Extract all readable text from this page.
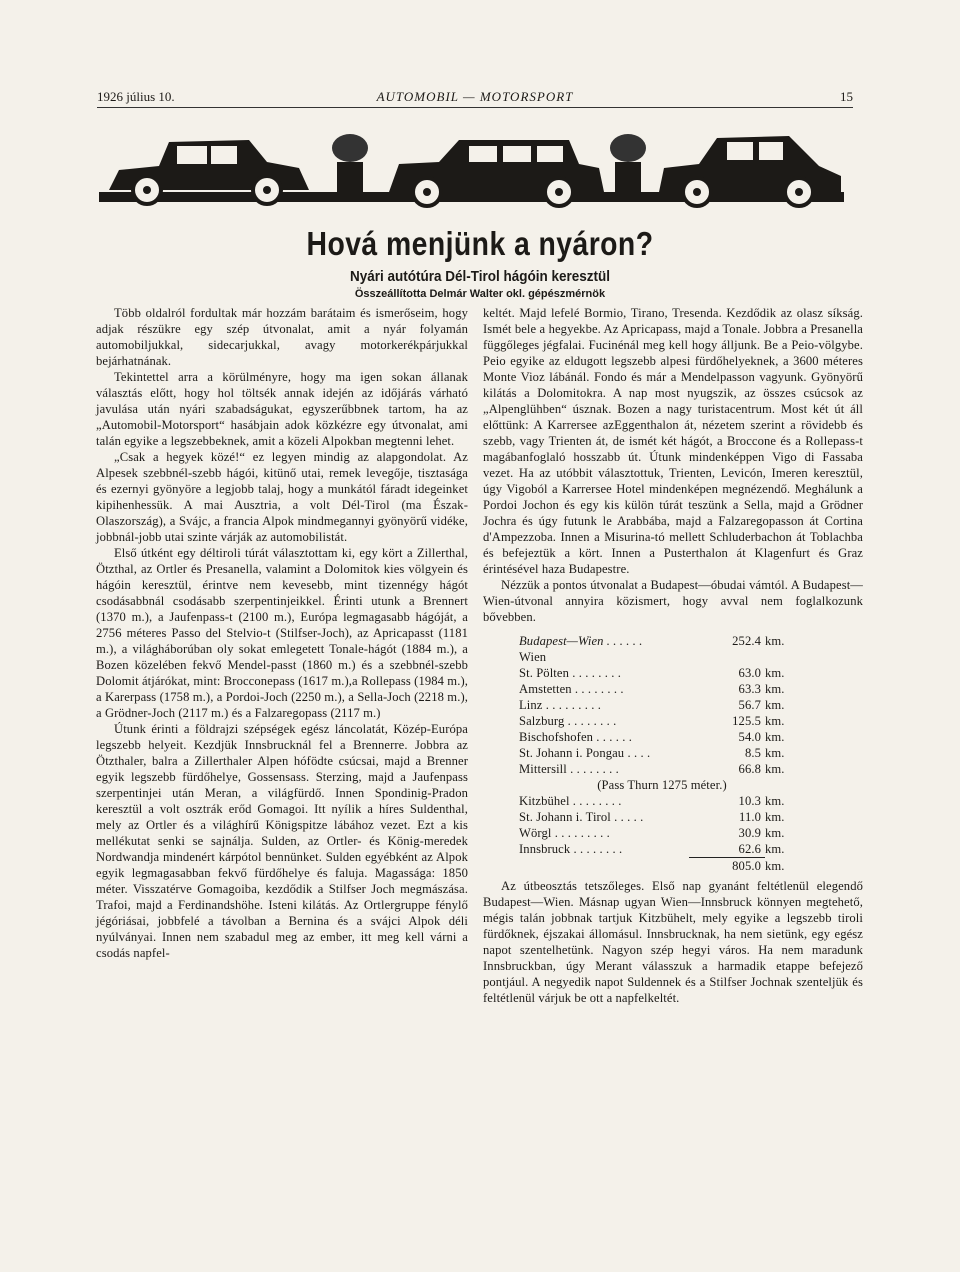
1926 július 10.	AUTOMOBIL — MOTORSPORT	15
Hová menjünk a nyáron?
Nyári autótúra Dél-Tirol hágóin keresztül
Összeállította Delmár Walter okl. gépészmérnök

Több oldalról fordultak már hozzám barátaim és ismerőseim, hogy adjak részükre egy szép útvonalat, amit a nyár folyamán automobiljukkal, sidecarjukkal, avagy motorkerékpárjukkal bejárhatnának.

Tekintettel arra a körülményre, hogy ma igen sokan állanak választás előtt, hogy hol töltsék annak idején az időjárás várható javulása után nyári szabadságukat, egyszerűbbnek tartom, ha az „Automobil-Motorsport“ hasábjain adok közkézre egy útvonalat, ami talán egyike a legszebbeknek, amit a közeli Alpokban megtenni lehet.

„Csak a hegyek közé!“ ez legyen mindig az alapgondolat. Az Alpesek szebbnél-szebb hágói, kitünő utai, remek levegője, tisztasága és ezernyi gyönyöre a legjobb talaj, hogy a munkától fáradt idegeinket kipihenhessük. A mai Ausztria, a volt Dél-Tirol (ma Észak-Olaszország), a Svájc, a francia Alpok mindmegannyi gyönyörű vidéke, jobbnál-jobb utai szinte várják az automobilistát.

Első útként egy déltiroli túrát választottam ki, egy kört a Zillerthal, Ötzthal, az Ortler és Presanella, valamint a Dolomitok kies völgyein és hágóin keresztül, érintve nem kevesebb, mint tizennégy hágót csodásabbnál csodásabb szerpentinjeikkel. Érinti utunk a Brennert (1370 m.), a Jaufenpass-t (2100 m.), Európa legmagasabb hágóját, a 2756 méteres Passo del Stelvio-t (Stilfser-Joch), az Apricapasst (1181 m.), a világháborúban oly sokat emlegetett Tonale-hágót (1884 m.), a Bozen közelében fekvő Mendel-passt (1860 m.) és a szebbnél-szebb Dolomit átjárókat, mint: Brocconepass (1617 m.),a Rollepass (1984 m.), a Karerpass (1758 m.), a Pordoi-Joch (2250 m.), a Sella-Joch (2218 m.), a Grödner-Joch (2117 m.) és a Falzaregopass (2117 m.)

Útunk érinti a földrajzi szépségek egész láncolatát, Közép-Európa legszebb helyeit. Kezdjük Innsbrucknál fel a Brennerre. Jobbra az Ötzthaler, balra a Zillerthaler Alpen hófödte csúcsai, majd a Brenner egyik legszebb fürdőhelye, Gossensass. Sterzing, majd a Jaufenpass szerpentinjei után Meran, a világfürdő. Innen Spondinig-Pradon keresztül a volt osztrák erőd Gomagoi. Itt nyílik a híres Suldenthal, mely az Ortler és a világhírű Königspitze lábához vezet. Ezt a kis mellékutat senki se sajnálja. Sulden, az Ortler- és König-meredek Nordwandja mindenért kárpótol bennünket. Sulden egyébként az Alpok egyik legmagasabban fekvő fürdőhelye és faluja. Magassága: 1850 méter. Visszatérve Gomagoiba, kezdődik a Stilfser Joch megmászása. Trafoi, majd a Ferdinandshöhe. Isteni kilátás. Az Ortlergruppe fénylő jégóriásai, jobbfelé a távolban a Bernina és a svájci Alpok déli nyúlványai. Innen nem szabadul meg az ember, itt meg kell várni a csodás napfel-

keltét. Majd lefelé Bormio, Tirano, Tresenda. Kezdődik az olasz síkság. Ismét bele a hegyekbe. Az Apricapass, majd a Tonale. Jobbra a Presanella függőleges jégfalai. Fucinénál meg kell hogy álljunk. Be a Peio-völgybe. Peio egyike az eldugott legszebb alpesi fürdőhelyeknek, a 3600 méteres Monte Vioz lábánál. Fondo és már a Mendelpasson vagyunk. Gyönyörű kilátás a Dolomitokra. A nap most nyugszik, az összes csúcsok az „Alpenglühben“ úsznak. Bozen a nagy turistacentrum. Most két út áll előttünk: A Karrersee azEggenthalon át, nézetem szerint a rövidebb és szebb, vagy Trienten át, de ismét két hágót, a Broccone és a Rollepass-t magábanfoglaló hosszabb út. Útunk mindenképpen Vigo di Fassaba vezet. Ha az utóbbit választottuk, Trienten, Levicón, Imeren keresztül, úgy Vigoból a Karrersee Hotel mindenképen megnézendő. Meghálunk a Pordoi Jochon és egy kis külön túrát teszünk a Sella, majd a Grödner Jochra és úgy futunk le Arabbába, majd a Falzaregopasson át Cortina d'Ampezzoba. Innen a Misurina-tó mellett Schluderbachon át Toblachba és befejeztük a kört. Innen a Pusterthalon át Klagenfurt és Graz érintésével haza Budapestre.

Nézzük a pontos útvonalat a Budapest—óbudai vámtól. A Budapest—Wien-útvonal annyira közismert, hogy avval nem foglalkozunk bővebben.

Budapest—Wien . . . . . .	252.4	km.
Wien		
St. Pölten . . . . . . . .	63.0	km.
Amstetten . . . . . . . .	63.3	km.
Linz . . . . . . . . .	56.7	km.
Salzburg . . . . . . . .	125.5	km.
Bischofshofen . . . . . .	54.0	km.
St. Johann i. Pongau . . . .	8.5	km.
Mittersill . . . . . . . .	66.8	km.
(Pass Thurn 1275 méter.)		
Kitzbühel . . . . . . . .	10.3	km.
St. Johann i. Tirol . . . . .	11.0	km.
Wörgl . . . . . . . . .	30.9	km.
Innsbruck . . . . . . . .	62.6	km.
	805.0	km.

Az útbeosztás tetszőleges. Első nap gyanánt feltétlenül elegendő Budapest—Wien. Másnap ugyan Wien—Innsbruck könnyen megtehető, mégis talán jobbnak tartjuk Kitzbühelt, mely egyike a legszebb tiroli fürdőknek, éjszakai állomásul. Innsbrucknak, ha nem sietünk, egy egész napot szentelhetünk. Nagyon szép hegyi város. Ha nem maradunk Innsbruckban, úgy Merant válasszuk a harmadik etappe befejező pontjául. A negyedik napot Suldennek és a Stilfser Jochnak szenteljük és feltétlenül várjuk be ott a napfelkeltét.
